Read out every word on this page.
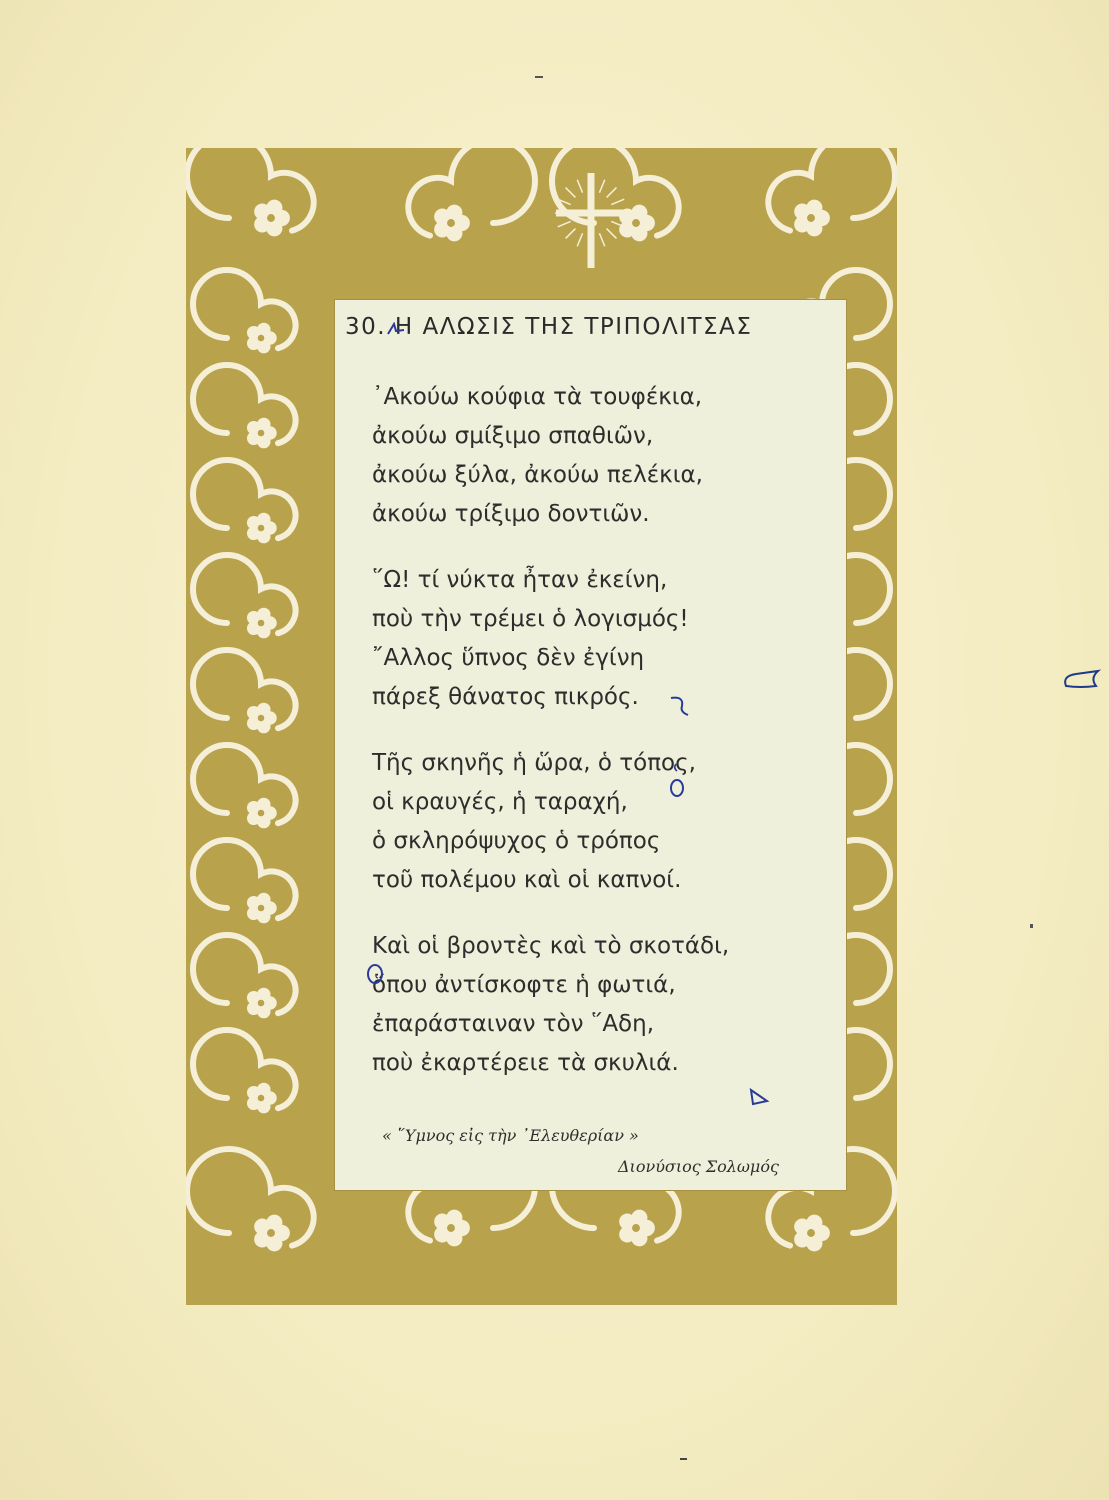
30. Η ΑΛΩΣΙΣ ΤΗΣ ΤΡΙΠΟΛΙΤΣΑΣ
᾿Ακούω κούφια τὰ τουφέκια,
ἀκούω σμίξιμο σπαθιῶν,
ἀκούω ξύλα, ἀκούω πελέκια,
ἀκούω τρίξιμο δοντιῶν.
῞Ω! τί νύκτα ἦταν ἐκείνη,
ποὺ τὴν τρέμει ὁ λογισμός!
῎Αλλος ὕπνος δὲν ἐγίνη
πάρεξ θάνατος πικρός.
Τῆς σκηνῆς ἡ ὥρα, ὁ τόπος,
οἱ κραυγές, ἡ ταραχή,
ὁ σκληρόψυχος ὁ τρόπος
τοῦ πολέμου καὶ οἱ καπνοί.
Καὶ οἱ βροντὲς καὶ τὸ σκοτάδι,
ὅπου ἀντίσκοφτε ἡ φωτιά,
ἐπαράσταιναν τὸν ῞Αδη,
ποὺ ἐκαρτέρειε τὰ σκυλιά.
« ῞Υμνος εἰς τὴν ᾿Ελευθερίαν »
Διονύσιος Σολωμός
